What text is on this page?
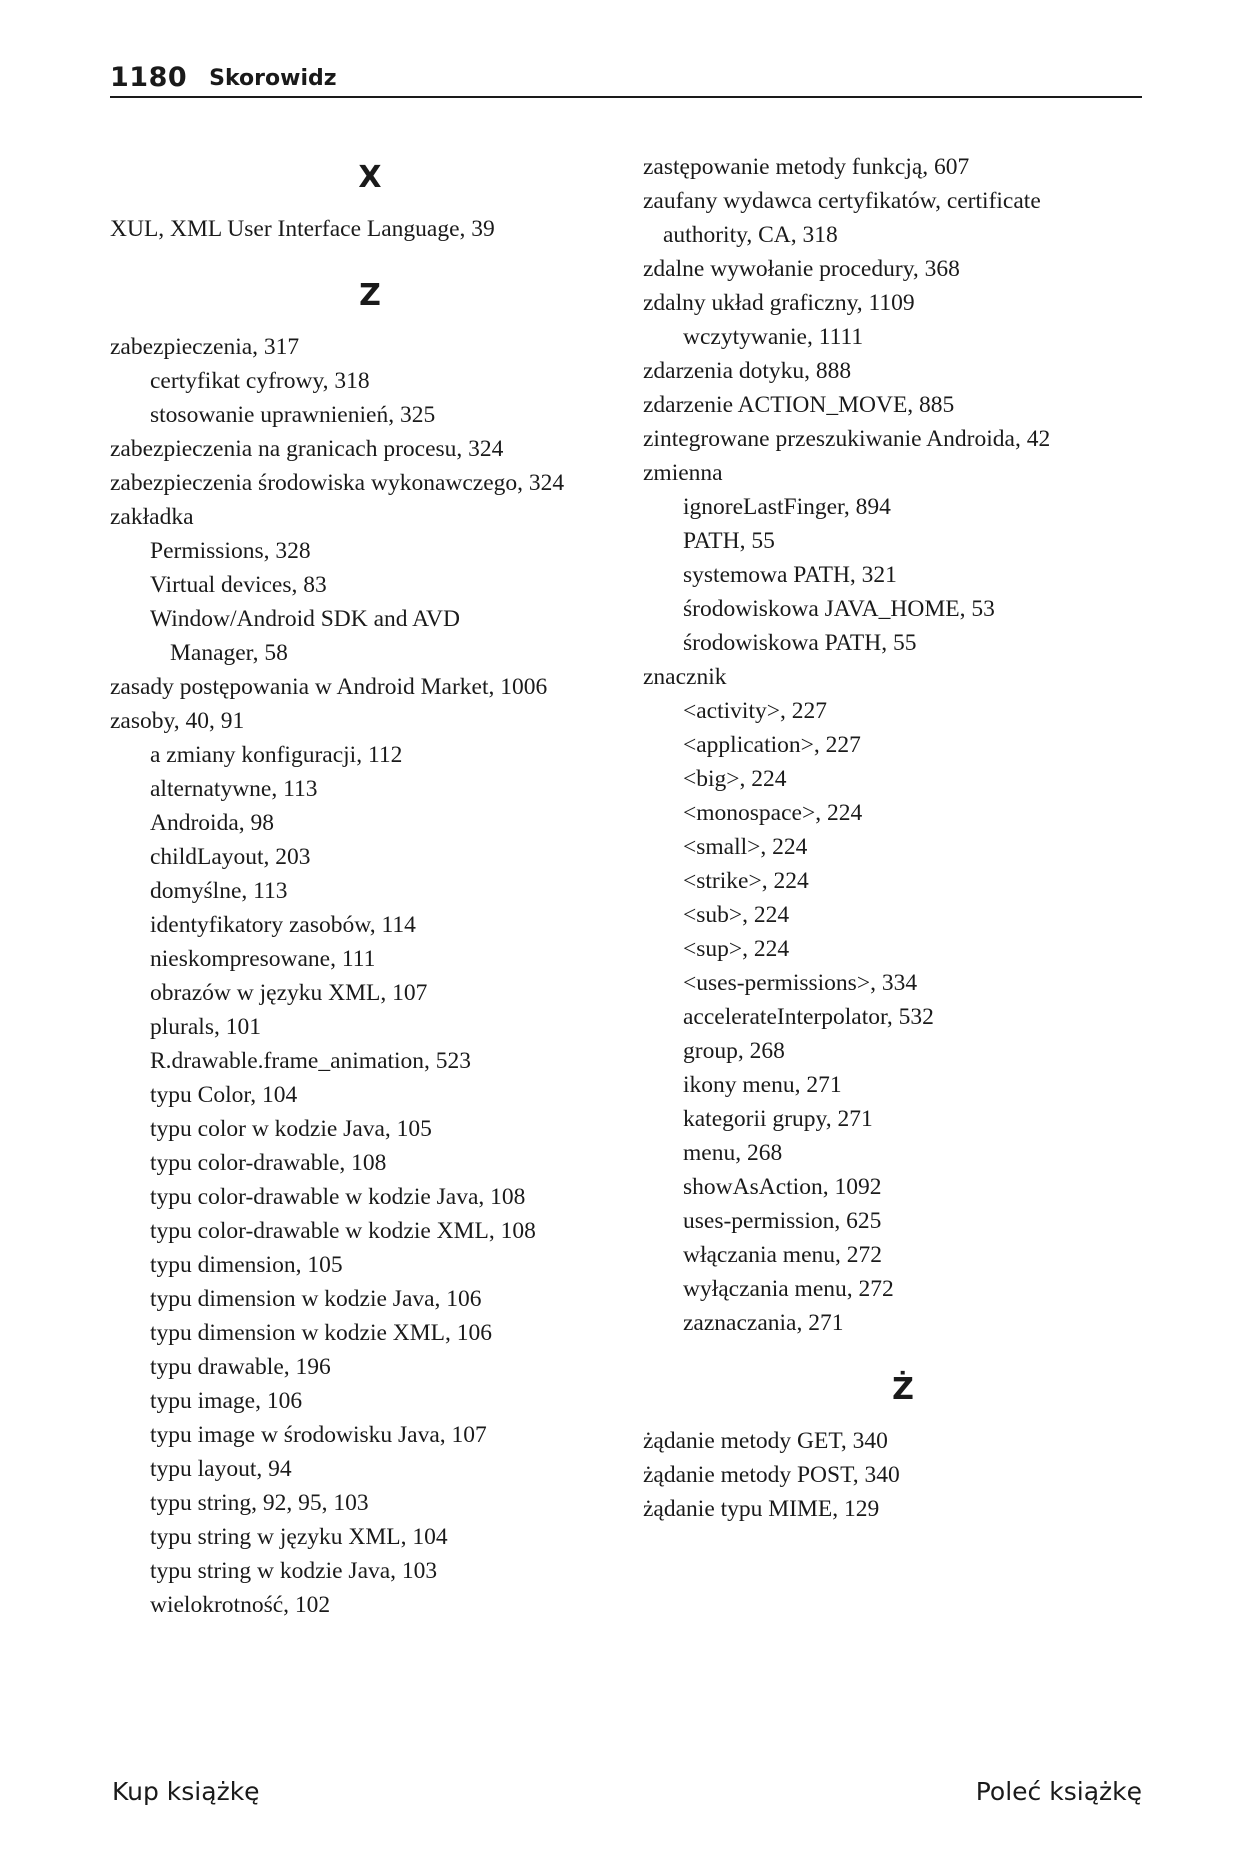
1180 Skorowidz
X
XUL, XML User Interface Language, 39
Z
zabezpieczenia, 317
certyfikat cyfrowy, 318
stosowanie uprawnienień, 325
zabezpieczenia na granicach procesu, 324
zabezpieczenia środowiska wykonawczego, 324
zakładka
Permissions, 328
Virtual devices, 83
Window/Android SDK and AVD
Manager, 58
zasady postępowania w Android Market, 1006
zasoby, 40, 91
a zmiany konfiguracji, 112
alternatywne, 113
Androida, 98
childLayout, 203
domyślne, 113
identyfikatory zasobów, 114
nieskompresowane, 111
obrazów w języku XML, 107
plurals, 101
R.drawable.frame_animation, 523
typu Color, 104
typu color w kodzie Java, 105
typu color-drawable, 108
typu color-drawable w kodzie Java, 108
typu color-drawable w kodzie XML, 108
typu dimension, 105
typu dimension w kodzie Java, 106
typu dimension w kodzie XML, 106
typu drawable, 196
typu image, 106
typu image w środowisku Java, 107
typu layout, 94
typu string, 92, 95, 103
typu string w języku XML, 104
typu string w kodzie Java, 103
wielokrotność, 102
zastępowanie metody funkcją, 607
zaufany wydawca certyfikatów, certificate
authority, CA, 318
zdalne wywołanie procedury, 368
zdalny układ graficzny, 1109
wczytywanie, 1111
zdarzenia dotyku, 888
zdarzenie ACTION_MOVE, 885
zintegrowane przeszukiwanie Androida, 42
zmienna
ignoreLastFinger, 894
PATH, 55
systemowa PATH, 321
środowiskowa JAVA_HOME, 53
środowiskowa PATH, 55
znacznik
<activity>, 227
<application>, 227
<big>, 224
<monospace>, 224
<small>, 224
<strike>, 224
<sub>, 224
<sup>, 224
<uses-permissions>, 334
accelerateInterpolator, 532
group, 268
ikony menu, 271
kategorii grupy, 271
menu, 268
showAsAction, 1092
uses-permission, 625
włączania menu, 272
wyłączania menu, 272
zaznaczania, 271
Ż
żądanie metody GET, 340
żądanie metody POST, 340
żądanie typu MIME, 129
Kup książkę	Poleć książkę
